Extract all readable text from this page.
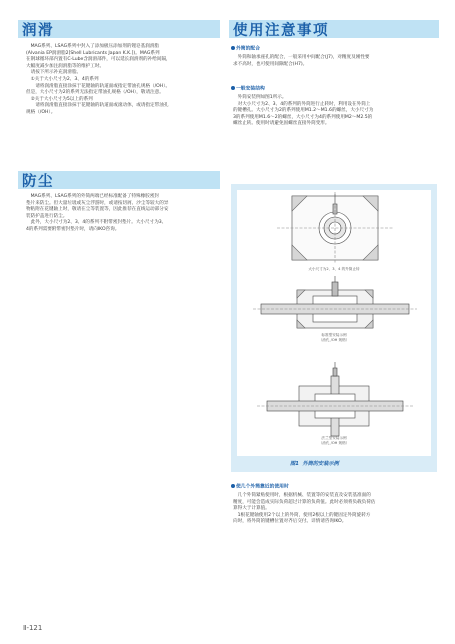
润滑

　MAG系列、LSAG系列中封入了添加极压添加剂的锂皂基润滑脂
(Alvania EP润滑脂2[Shell Lubricants Japan K.K.])。MAG系列
在钢球循环部内置有C-Lube含润滑部件，可以延长润滑剂的补给间隔，
大幅度减少加注润滑脂等的维护工时。
　请按下所示补充润滑脂。
　①关于大小尺寸为2、3、4的系列
　　请将润滑脂直接涂抹于花键轴的轨道面或指定带油孔规格（/OH）。
但是，大小尺寸为2的系列无法指定带油孔规格（/OH），敬请注意。
　②关于大小尺寸为5以上的系列
　　请将润滑脂直接涂抹于花键轴的轨道面或滚动体，或请指定带油孔
规格（/OH）。

防尘

　MAG系列、LSAG系列的外筒两端已经标准配备了特殊橡胶密封
垫片来防尘。但大量垃圾或灰尘浮游时，或请按切屑、沙尘等较大的异
物粘附在花键轴上时，敬请在尘等装置等，因此推荐在直线运动部分安
装防护盖进行防尘。
　此外，大小尺寸为2、3、4的系列不附带密封垫片。大小尺寸为3、
4的系列需要附带密封垫片时，请向IKO咨询。

使用注意事项
外筒的配合

　外筒和轴承座孔的配合，一般采用中间配合(J7)，对精度及刚性要
求不高时，也可使用间隙配合(H7)。

一般安装结构

　外筒安装例如图1所示。
　对大小尺寸为2、3、4的系列的外筒进行止转时，利用设在外筒上
的键槽孔。大小尺寸为2的系列使用M1.2〜M1.6的螺丝，大小尺寸为
3的系列使用M1.6〜2的螺丝，大小尺寸为4的系列使用M2〜M2.5的
螺丝止转。使用时请避免固螺丝直接外筒变形。

大小尺寸为2、3、4 的外筒止转
标准型安装示例
（油孔 /OH 规格）
法兰型安装示例
（油孔 /OH 规格）
图1 外筒的安装示例
使几个外筒靠近的使用时

　几个外筒紧贴使用时，根据机械、装置等的安装直及安装基准面的
精度，可能会造成实际负荷超过计算的负荷值。此时必须将负载负荷估
算得大于计算值。
　1根花键轴使用2个以上的外筒，使用2根以上的键固定外筒旋转方
向时，将外筒的键槽位置对齐后交付。详情请咨询IKO。

Ⅱ-121
